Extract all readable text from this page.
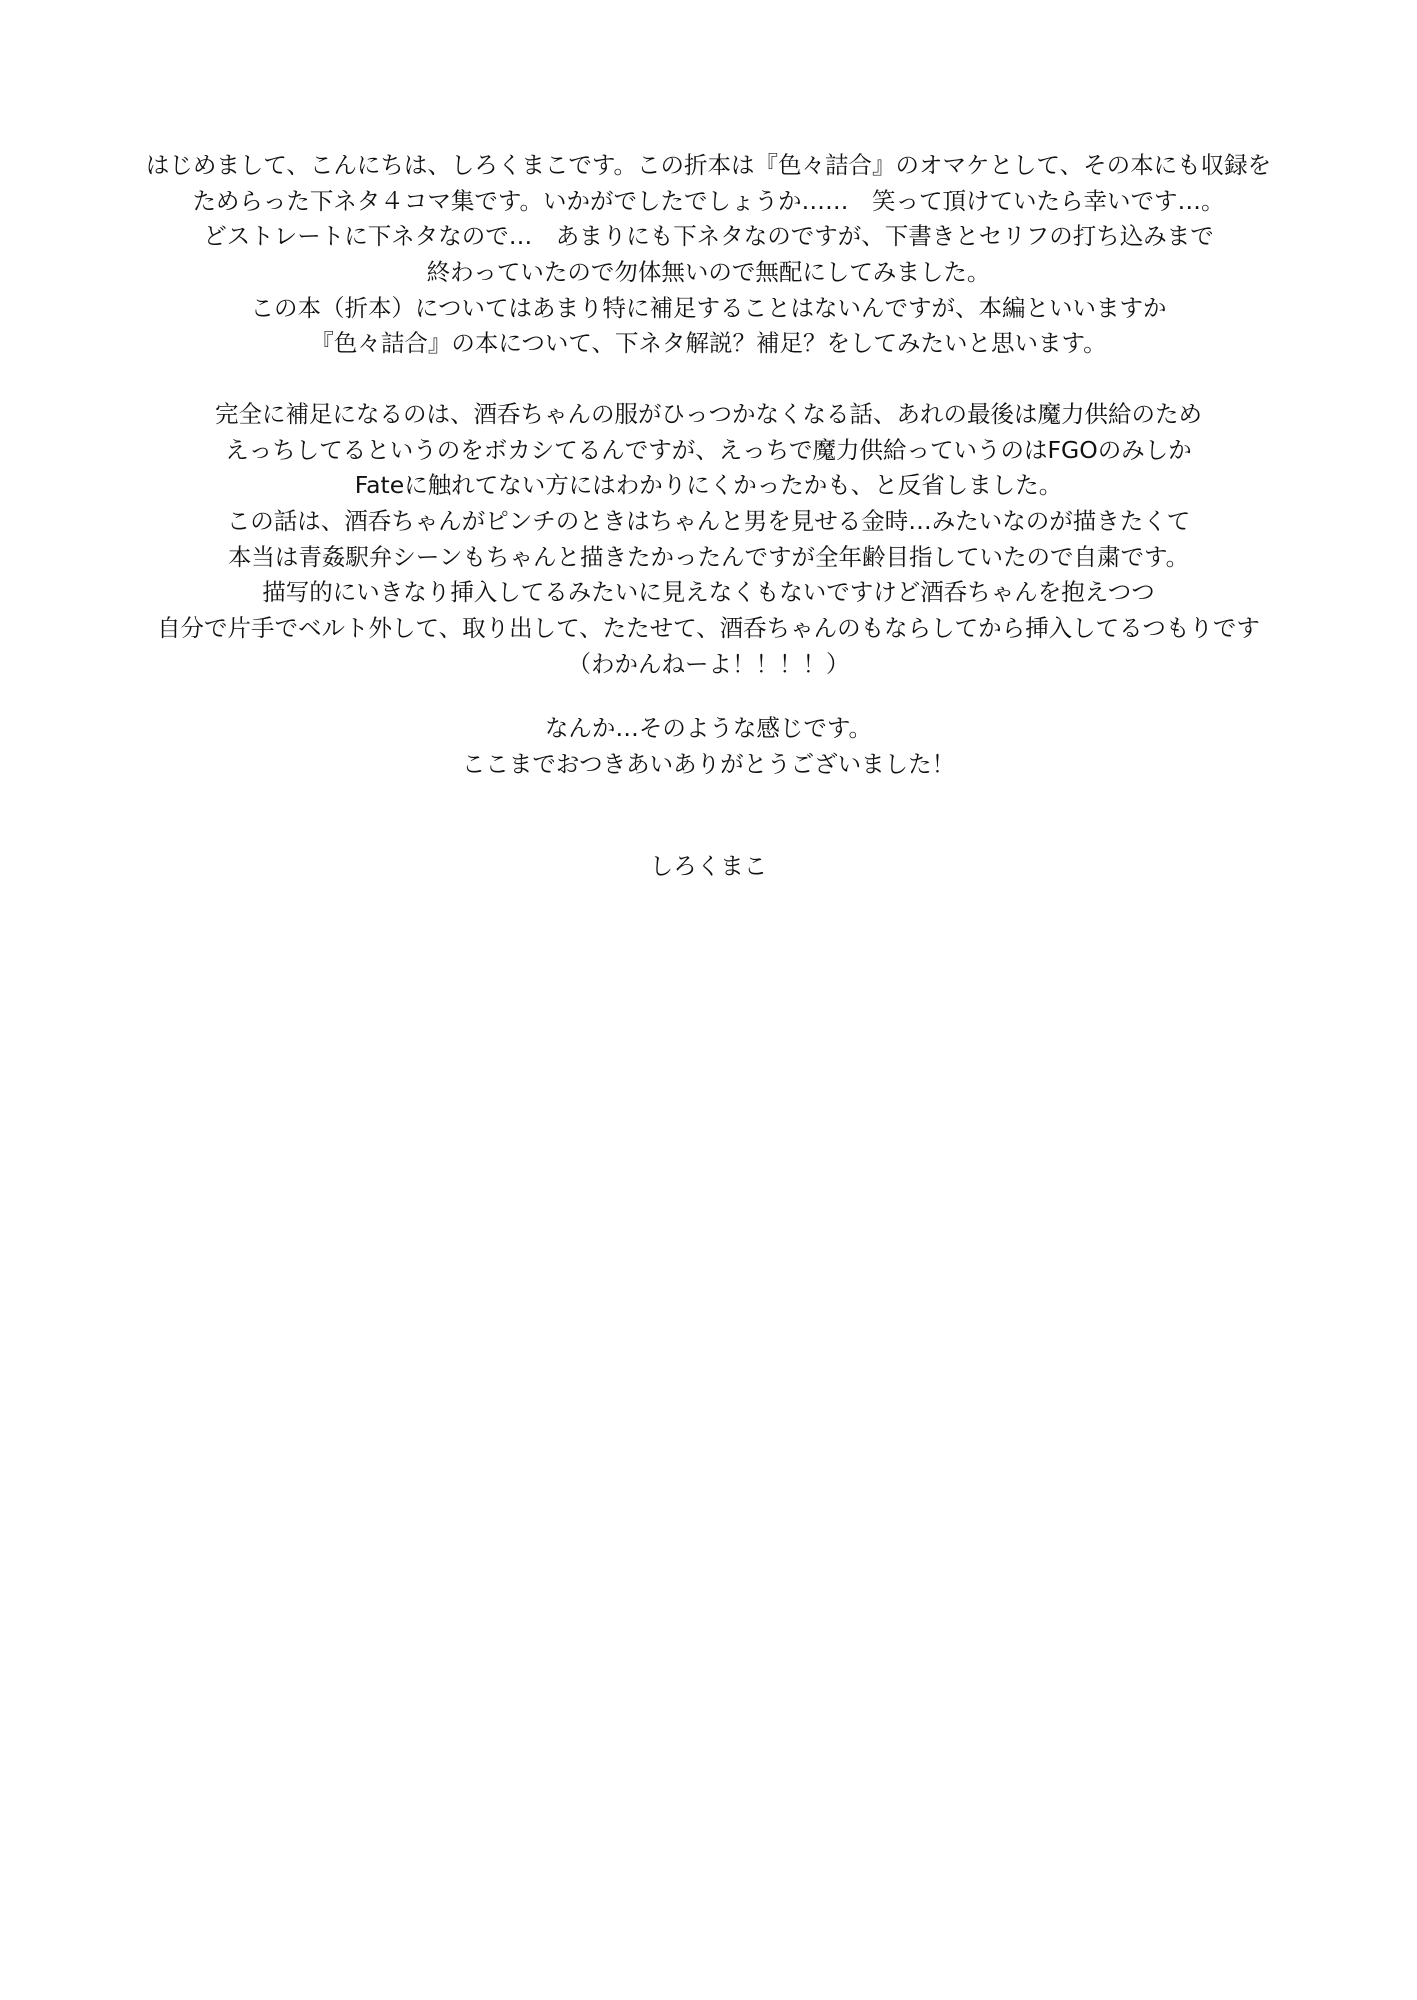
はじめまして、こんにちは、しろくまこです。この折本は『色々詰合』のオマケとして、その本にも収録を
ためらった下ネタ４コマ集です。いかがでしたでしょうか……　笑って頂けていたら幸いです…。
どストレートに下ネタなので…　あまりにも下ネタなのですが、下書きとセリフの打ち込みまで
終わっていたので勿体無いので無配にしてみました。
この本（折本）についてはあまり特に補足することはないんですが、本編といいますか
『色々詰合』の本について、下ネタ解説？補足？をしてみたいと思います。
完全に補足になるのは、酒呑ちゃんの服がひっつかなくなる話、あれの最後は魔力供給のため
えっちしてるというのをボカシてるんですが、えっちで魔力供給っていうのはFGOのみしか
Fateに触れてない方にはわかりにくかったかも、と反省しました。
この話は、酒呑ちゃんがピンチのときはちゃんと男を見せる金時…みたいなのが描きたくて
本当は青姦駅弁シーンもちゃんと描きたかったんですが全年齢目指していたので自粛です。
描写的にいきなり挿入してるみたいに見えなくもないですけど酒呑ちゃんを抱えつつ
自分で片手でベルト外して、取り出して、たたせて、酒呑ちゃんのもならしてから挿入してるつもりです
（わかんねーよ！！！！）
なんか…そのような感じです。
ここまでおつきあいありがとうございました！
しろくまこ
